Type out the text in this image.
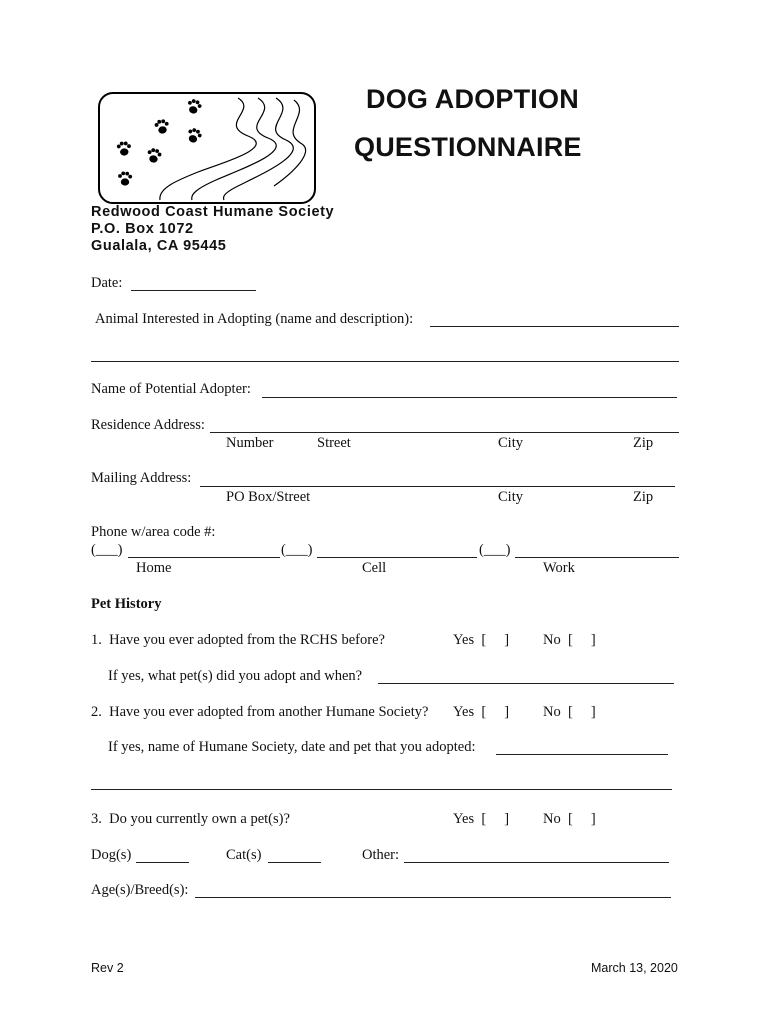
DOG ADOPTION
QUESTIONNAIRE
Redwood Coast Humane Society
P.O. Box 1072
Gualala, CA 95445
Date:
Animal Interested in Adopting (name and description):
Name of Potential Adopter:
Residence Address:
Number	Street	City	Zip
Mailing Address:
PO Box/Street	City	Zip
Phone w/area code #:
(___)	(___)	(___)
Home	Cell	Work
Pet History
1.  Have you ever adopted from the RCHS before?	Yes  [     ] No  [     ]
If yes, what pet(s) did you adopt and when?
2.  Have you ever adopted from another Humane Society? Yes  [     ] No  [     ]
If yes, name of Humane Society, date and pet that you adopted:
3.  Do you currently own a pet(s)?	Yes  [     ] No  [     ]
Dog(s)	Cat(s)	Other:
Age(s)/Breed(s):
Rev 2	March 13, 2020
